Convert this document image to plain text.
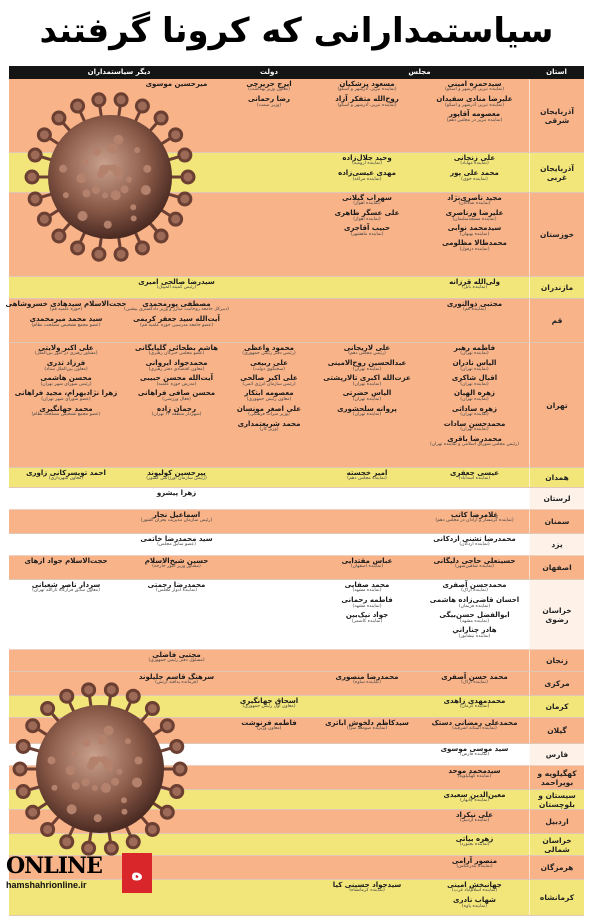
سیاستمدارانی که کرونا گرفتند
استان
مجلس
دولت
دیگر سیاستمداران
آذربایجان شرقی
سیدحمزه امینی
(نماینده تبریز، آذرشهر و اسکو)
علیرضا منادی سفیدان
(نماینده تبریز، آذرشهر و اسکو)
معصومه آقاپور
(نماینده تبریز در مجلس دهم)
مسعود پزشکیان
(نماینده تبریز، آذرشهر و اسکو)
روح‌الله متفکر آزاد
(نماینده تبریز، آذرشهر و اسکو)
ایرج حریرچی
(معاون وزیر بهداشت)
رضا رحمانی
(وزیر صمت)
میرحسین موسوی
آذربایجان غربی
علی زنجانی
(نماینده مهاباد)
محمد علی پور
(نماینده خوی)
وحید جلال‌زاده
(نماینده ارومیه)
مهدی عیسی‌زاده
(نماینده مراغه)
خوزستان
مجید ناصری‌نژاد
(نماینده شادگان)
علیرضا ورناصری
(نماینده مسجدسلیمان)
سیدمحمد نوابی
(نماینده بهبهان)
محمدطالا مظلومی
(نماینده دزفول)
سهراب گیلانی
(نماینده اهواز)
علی عسگر طاهری
(نماینده اهواز)
حبیب آقاجری
(نماینده ماهشهر)
مازندران
ولی‌الله قرزانه
(نماینده بابل)
سیدرضا صالحی امیری
(رئیس کمیته المپیک)
قم
مجتبی ذوالنوری
(نماینده قم)
مصطفی پورمحمدی
(دبیرکل جامعه روحانیت مبارز و وزیر دادگستری پیشین)
آیت‌الله سید جعفر کریمی
(عضو جامعه مدرسین حوزه علمیه قم)
حجت‌الاسلام سیدهادی خسروشاهی
(حوزه علمیه قم)
سید محمد میرمحمدی
(عضو مجمع تشخیص مصلحت نظام)
تهران
فاطمه رهبر
(نماینده تهران)
الیاس نادران
(نماینده تهران)
اقبال شاکری
(نماینده تهران)
زهره الهیان
(نماینده تهران)
زهره ساداتی
(نماینده تهران)
محمدحسن سادات
(نماینده تهران)
محمدرضا باقری
(رئیس مجلس شورای اسلامی و نماینده تهران)
علی لاریجانی
(رئیس مجلس دهم)
عبدالحسین روح‌الامینی
(نماینده تهران)
عزت‌الله اکبری تالارپشتی
(نماینده تهران)
الیاس حضرتی
(نماینده تهران)
پروانه سلحشوری
(نماینده تهران)
محمود واعظی
(رئیس دفتر رئیس جمهوری)
علی ربیعی
(سخنگوی دولت)
علی اکبر صالحی
(رئیس سازمان انرژی اتمی)
معصومه ابتکار
(معاون رئیس جمهوری)
علی اصغر مونسان
(وزیر میراث فرهنگی)
محمد شریعتمداری
(وزیر کار)
هاشم بطحائی گلپایگانی
(عضو مجلس خبرگان رهبری)
محمدجواد ایروانی
(معاون اقتصادی دفتر رهبری)
آیت‌الله محسن حبیبی
(مدرس حوزه علمیه)
محسن صافی فراهانی
(فعال ورزشی)
رحمان زاده
(شهردار منطقه ۱۳ تهران)
علی اکبر ولایتی
(مشاور رهبری در امور بین‌الملل)
فرزاد تذری
(معاون بین‌الملل ستاد)
محسن هاشمی
(رئیس شورای شهر تهران)
زهرا نژادبهرام، مجید فراهانی
(عضو شورای شهر تهران)
محمد جهانگیری
(عضو مجمع تشخیص مصلحت نظام)
همدان
عیسی جعفری
(نماینده اسدآباد)
امیر خجسته
(نماینده مجلس دهم)
پیرحسین کولیوند
(رئیس سازمان اورژانس کشور)
احمد تویسرکانی زاوری
(معاون شهرداری)
لرستان
زهرا پیشرو
سمنان
غلامرضا کاتب
(نماینده گرمسار و آرادان در مجلس دهم)
اسماعیل نجار
(رئیس سازمان مدیریت بحران کشور)
یزد
محمدرضا تشنی اردکانی
(نماینده اردکان)
سید محمدرضا خاتمی
(عضو سابق مجلس)
اصفهان
حسینعلی حاجی دلیگانی
(نماینده شاهین‌شهر)
عباس مقتدایی
(نماینده اصفهان)
حسین شیخ‌الاسلام
(مشاور وزیر امور خارجه)
حجت‌الاسلام جواد ازهای
خراسان رضوی
محمدحسن آصفری
(نماینده اراک)
احسان قاضی‌زاده هاشمی
(نماینده فریمان)
ابوالفضل حسن‌بیگی
(نماینده مشهد)
هادر چناراني
(نماینده نیشابور)
محمد صفایی
(نماینده مشهد)
فاطمه رحمانی
(نماینده مشهد)
جواد نیک‌بین
(نماینده کاشمر)
محمدرضا رحمتی
(نماینده ادوار مجلس)
سردار ناصر شعبانی
(معاون سابق قرارگاه ثارالله تهران)
زنجان
مجتبی فاضلی
(مسئول دفتر رئیس جمهوری)
مرکزی
محمد حسن آصفری
(نماینده اراک)
محمدرضا منصوری
(نماینده ساوه)
سرهنگ قاسم جلیلوند
(فرمانده پدافند ارتش)
کرمان
محمدمهدی زاهدی
(نماینده کرمان)
اسحاق جهانگیری
(معاون اول رئیس جمهوری)
گیلان
محمدعلی رمضانی دستک
(نماینده آستانه اشرفیه)
سیدکاظم دلخوش اباتری
(نماینده صومعه سرا)
فاطمه فرنوشت
(معاون وزیر)
فارس
سید موسی موسوی
(نماینده فارس)
کهگیلویه و بویراحمد
سیدمحمد موحد
(نماینده کهگیلویه)
سیستان و بلوچستان
معین‌الدین سعیدی
(نماینده چابهار)
اردبیل
علی نیکزاد
(نماینده اردبیل)
خراسان شمالی
زهره بیاتی
(نماینده بجنورد)
هرمزگان
منصور آرامی
(نماینده بندرعباس)
کرمانشاه
جهانبخش امینی
(نماینده اسلام‌آباد غرب)
شهاب نادری
(نماینده پاوه)
سیدجواد حسینی کیا
(نماینده کرمانشاه)
ONLINE
hamshahrionline.ir	ه
